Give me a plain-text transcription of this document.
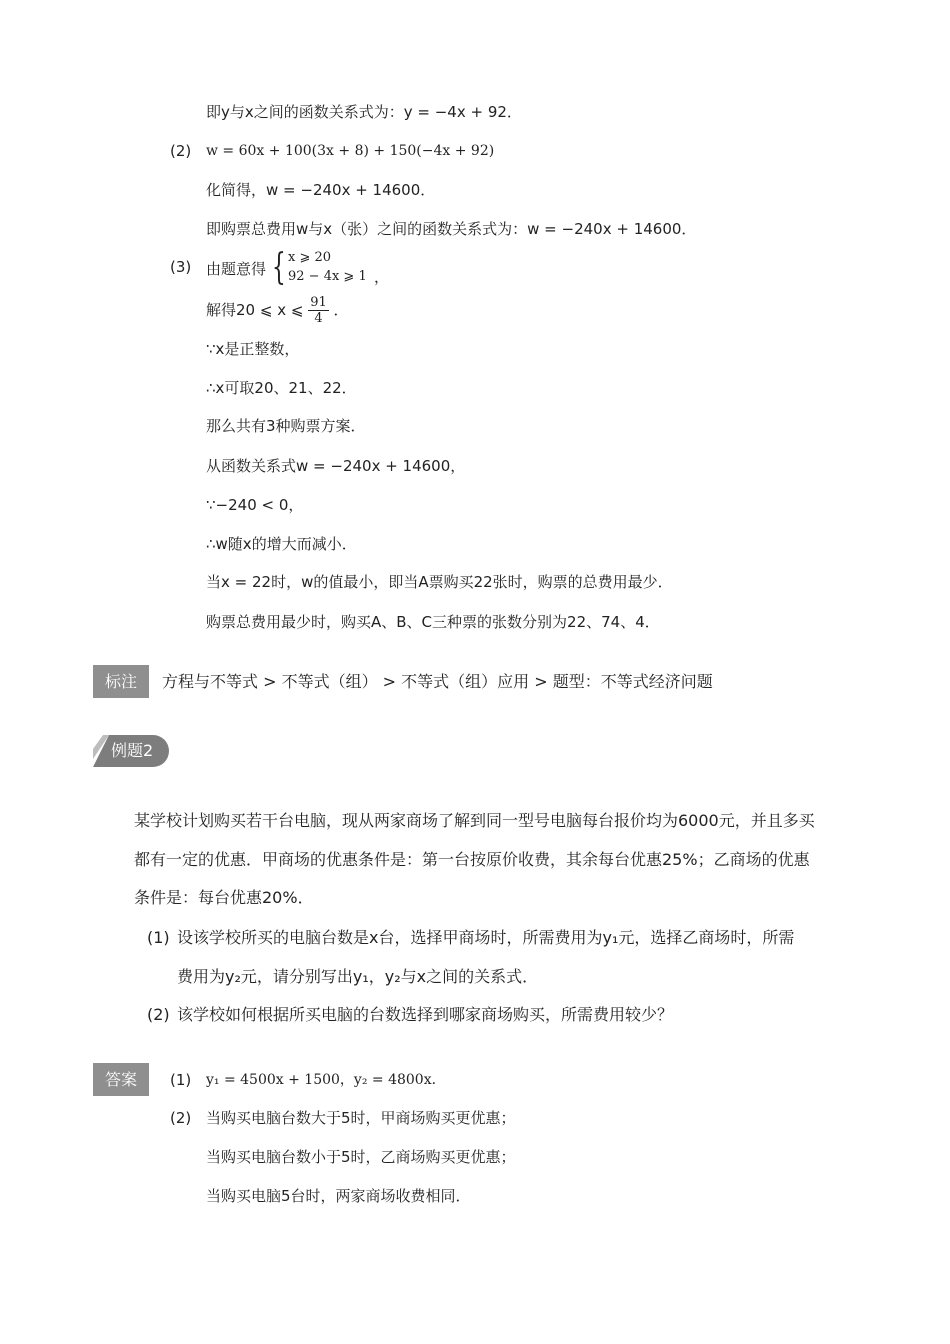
即y与x之间的函数关系式为：y = −4x + 92．
(2) w = 60x + 100(3x + 8) + 150(−4x + 92)
化简得，w = −240x + 14600．
即购票总费用w与x（张）之间的函数关系式为：w = −240x + 14600．
(3) 由题意得 { x ⩾ 20
92 − 4x ⩾ 1 ，
解得20 ⩽ x ⩽ $\frac{91}{4}$ ．
∵x是正整数，
∴x可取20、21、22．
那么共有3种购票方案．
从函数关系式w = −240x + 14600，
∵−240 < 0，
∴w随x的增大而减小．
当x = 22时，w的值最小，即当A票购买22张时，购票的总费用最少．
购票总费用最少时，购买A、B、C三种票的张数分别为22、74、4．
标注	方程与不等式 > 不等式（组） > 不等式（组）应用 > 题型：不等式经济问题
例题2
某学校计划购买若干台电脑，现从两家商场了解到同一型号电脑每台报价均为6000元，并且多买
都有一定的优惠．甲商场的优惠条件是：第一台按原价收费，其余每台优惠25%；乙商场的优惠
条件是：每台优惠20%．
(1) 设该学校所买的电脑台数是x台，选择甲商场时，所需费用为y₁元，选择乙商场时，所需
费用为y₂元，请分别写出y₁，y₂与x之间的关系式．
(2) 该学校如何根据所买电脑的台数选择到哪家商场购买，所需费用较少？
答案	(1) y₁ = 4500x + 1500，y₂ = 4800x．
(2) 当购买电脑台数大于5时，甲商场购买更优惠；
当购买电脑台数小于5时，乙商场购买更优惠；
当购买电脑5台时，两家商场收费相同．
